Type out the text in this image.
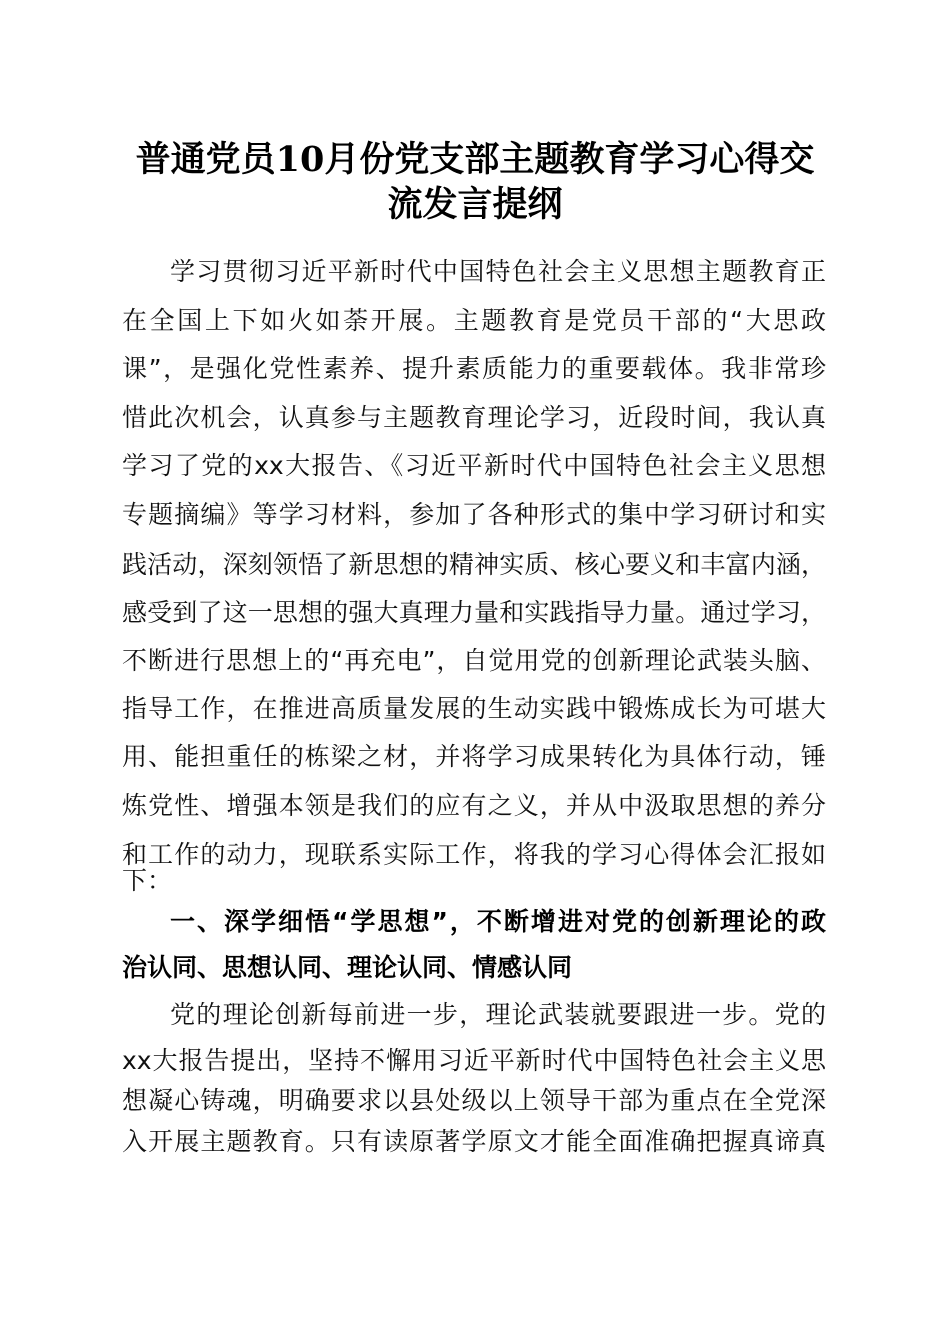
普通党员10月份党支部主题教育学习心得交
流发言提纲
学习贯彻习近平新时代中国特色社会主义思想主题教育正
在全国上下如火如荼开展。主题教育是党员干部的“大思政
课”，是强化党性素养、提升素质能力的重要载体。我非常珍
惜此次机会，认真参与主题教育理论学习，近段时间，我认真
学习了党的xx大报告、《习近平新时代中国特色社会主义思想
专题摘编》等学习材料，参加了各种形式的集中学习研讨和实
践活动，深刻领悟了新思想的精神实质、核心要义和丰富内涵，
感受到了这一思想的强大真理力量和实践指导力量。通过学习，
不断进行思想上的“再充电”，自觉用党的创新理论武装头脑、
指导工作，在推进高质量发展的生动实践中锻炼成长为可堪大
用、能担重任的栋梁之材，并将学习成果转化为具体行动，锤
炼党性、增强本领是我们的应有之义，并从中汲取思想的养分
和工作的动力，现联系实际工作，将我的学习心得体会汇报如
下：
一、深学细悟“学思想”，不断增进对党的创新理论的政
治认同、思想认同、理论认同、情感认同
党的理论创新每前进一步，理论武装就要跟进一步。党的
xx大报告提出，坚持不懈用习近平新时代中国特色社会主义思
想凝心铸魂，明确要求以县处级以上领导干部为重点在全党深
入开展主题教育。只有读原著学原文才能全面准确把握真谛真
